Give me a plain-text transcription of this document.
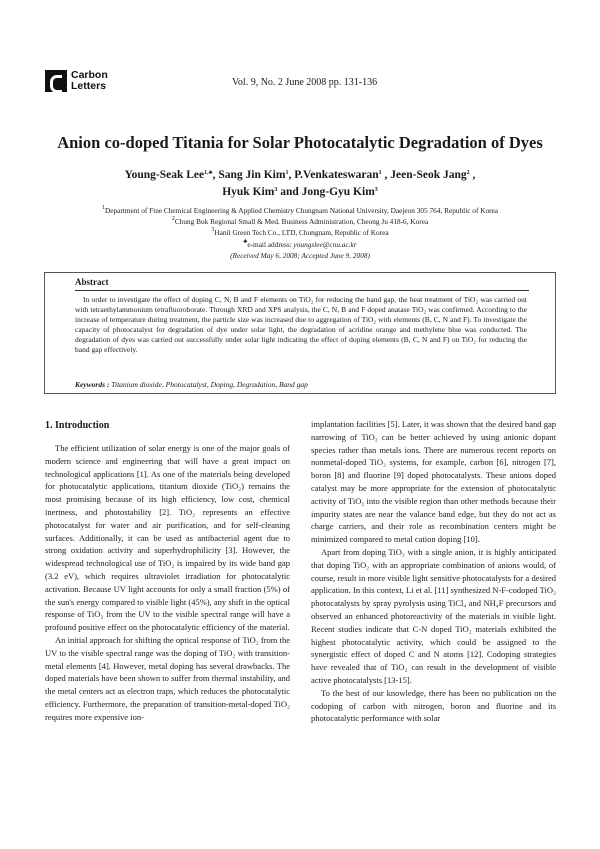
Carbon
Letters	Vol. 9, No. 2 June 2008 pp. 131-136
Anion co-doped Titania for Solar Photocatalytic Degradation of Dyes
Young-Seak Lee$^{1,♣}$, Sang Jin Kim$^1$, P.Venkateswaran$^1$ , Jeen-Seok Jang$^2$ ,
Hyuk Kim$^3$ and Jong-Gyu Kim$^3$
$^1$Department of Fine Chemical Engineering & Applied Chemistry Chungnam National University, Daejeon 305 764, Republic of Korea
$^2$Chung Buk Regional Small & Med. Business Administration, Cheong Ju 418-6, Korea
$^3$Hanil Green Tech Co., LTD, Chungnam, Republic of Korea
♣e-mail address: youngslee@cnu.ac.kr
(Received May 6, 2008; Accepted June 9, 2008)
Abstract
In order to investigate the effect of doping C, N, B and F elements on TiO₂ for reducing the band gap, the heat treatment of TiO₂ was carried out with tetraethylammonium tetrafluoroborate. Through XRD and XPS analysis, the C, N, B and F doped anatase TiO₂ was confirmed. According to the increase of temperature during treatment, the particle size was increased due to aggregation of TiO₂ with elements (B, C, N and F). To investigate the capacity of photocatalyst for degradation of dye under solar light, the degradation of acridine orange and methylene blue was conducted. The degradation of dyes was carried out successfully under solar light indicating the effect of doping elements (B, C, N and F) on TiO₂ for reducing the band gap effectively.
Keywords : Titanium dioxide, Photocatalyst, Doping, Degradation, Band gap
1. Introduction

The efficient utilization of solar energy is one of the major goals of modern science and engineering that will have a great impact on technological applications [1]. As one of the materials being developed for photocatalytic applications, titanium dioxide (TiO₂) remains the most promising because of its high efficiency, low cost, chemical inertness, and photostability [2]. TiO₂ represents an effective photocatalyst for water and air purification, and for self-cleaning surfaces. Additionally, it can be used as antibacterial agent due to strong oxidation activity and superhydrophilicity [3]. However, the widespread technological use of TiO₂ is impaired by its wide band gap (3.2 eV), which requires ultraviolet irradiation for photocatalytic activation. Because UV light accounts for only a small fraction (5%) of the sun's energy compared to visible light (45%), any shift in the optical response of TiO₂ from the UV to the visible spectral range will have a profound positive effect on the photocatalytic efficiency of the material.

An initial approach for shifting the optical response of TiO₂ from the UV to the visible spectral range was the doping of TiO₂ with transition-metal elements [4]. However, metal doping has several drawbacks. The doped materials have been shown to suffer from thermal instability, and the metal centers act as electron traps, which reduces the photocatalytic efficiency. Furthermore, the preparation of transition-metal-doped TiO₂ requires more expensive ion-

implantation facilities [5]. Later, it was shown that the desired band gap narrowing of TiO₂ can be better achieved by using anionic dopant species rather than metals ions. There are numerous recent reports on nonmetal-doped TiO₂ systems, for example, carbon [6], nitrogen [7], boron [8] and fluorine [9] doped photocatalysts. These anions doped catalyst may be more appropriate for the extension of photocatalytic activity of TiO₂ into the visible region than other methods because their impurity states are near the valance band edge, but they do not act as charge carriers, and their role as recombination centers might be minimized compared to metal cation doping [10].

Apart from doping TiO₂ with a single anion, it is highly anticipated that doping TiO₂ with an appropriate combination of anions would, of course, result in more visible light sensitive photocatalysts for a desired application. In this context, Li et al. [11] synthesized N-F-codoped TiO₂ photocatalysts by spray pyrolysis using TiCl₄ and NH₄F precursors and observed an enhanced photoreactivity of the materials in visible light. Recent studies indicate that C-N doped TiO₂ materials exhibited the highest photocatalytic activity, which could be assigned to the synergistic effect of doped C and N atoms [12]. Codoping strategies have revealed that of TiO₂ can result in the development of visible active photocatalysts [13-15].

To the best of our knowledge, there has been no publication on the codoping of carbon with nitrogen, boron and fluorine and its photocatalytic performance with solar
